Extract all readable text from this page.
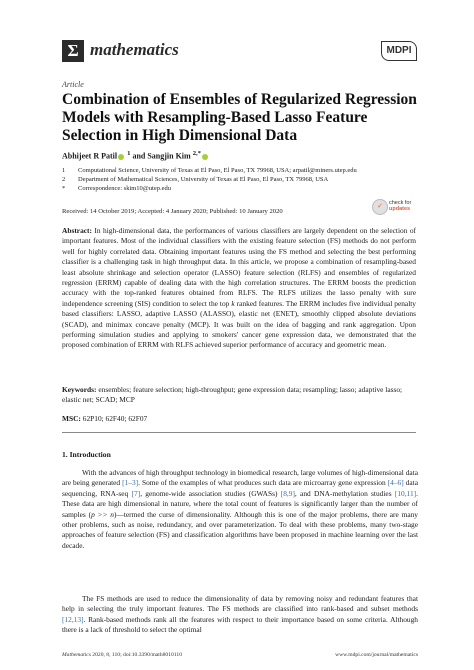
Σ mathematics	MDPI
Article
Combination of Ensembles of Regularized Regression Models with Resampling-Based Lasso Feature Selection in High Dimensional Data
Abhijeet R Patil $^1$ and Sangjin Kim $^{2,*}$
1 Computational Science, University of Texas at El Paso, El Paso, TX 79968, USA; arpatil@miners.utep.edu
2 Department of Mathematical Sciences, University of Texas at El Paso, El Paso, TX 79968, USA
* Correspondence: skim10@utep.edu
Received: 14 October 2019; Accepted: 4 January 2020; Published: 10 January 2020
✓	check for
updates
Abstract: In high-dimensional data, the performances of various classifiers are largely dependent on the selection of important features. Most of the individual classifiers with the existing feature selection (FS) methods do not perform well for highly correlated data. Obtaining important features using the FS method and selecting the best performing classifier is a challenging task in high throughput data. In this article, we propose a combination of resampling-based least absolute shrinkage and selection operator (LASSO) feature selection (RLFS) and ensembles of regularized regression (ERRM) capable of dealing data with the high correlation structures. The ERRM boosts the prediction accuracy with the top-ranked features obtained from RLFS. The RLFS utilizes the lasso penalty with sure independence screening (SIS) condition to select the top k ranked features. The ERRM includes five individual penalty based classifiers: LASSO, adaptive LASSO (ALASSO), elastic net (ENET), smoothly clipped absolute deviations (SCAD), and minimax concave penalty (MCP). It was built on the idea of bagging and rank aggregation. Upon performing simulation studies and applying to smokers' cancer gene expression data, we demonstrated that the proposed combination of ERRM with RLFS achieved superior performance of accuracy and geometric mean.
Keywords: ensembles; feature selection; high-throughput; gene expression data; resampling; lasso; adaptive lasso; elastic net; SCAD; MCP
MSC: 62P10; 62F40; 62F07
1. Introduction
With the advances of high throughput technology in biomedical research, large volumes of high-dimensional data are being generated [1–3]. Some of the examples of what produces such data are microarray gene expression [4–6] data sequencing, RNA-seq [7], genome-wide association studies (GWASs) [8,9], and DNA-methylation studies [10,11]. These data are high dimensional in nature, where the total count of features is significantly larger than the number of samples (p >> n)—termed the curse of dimensionality. Although this is one of the major problems, there are many other problems, such as noise, redundancy, and over parameterization. To deal with these problems, many two-stage approaches of feature selection (FS) and classification algorithms have been proposed in machine learning over the last decade.
The FS methods are used to reduce the dimensionality of data by removing noisy and redundant features that help in selecting the truly important features. The FS methods are classified into rank-based and subset methods [12,13]. Rank-based methods rank all the features with respect to their importance based on some criteria. Although there is a lack of threshold to select the optimal
Mathematics 2020, 8, 110; doi:10.3390/math8010110	www.mdpi.com/journal/mathematics
